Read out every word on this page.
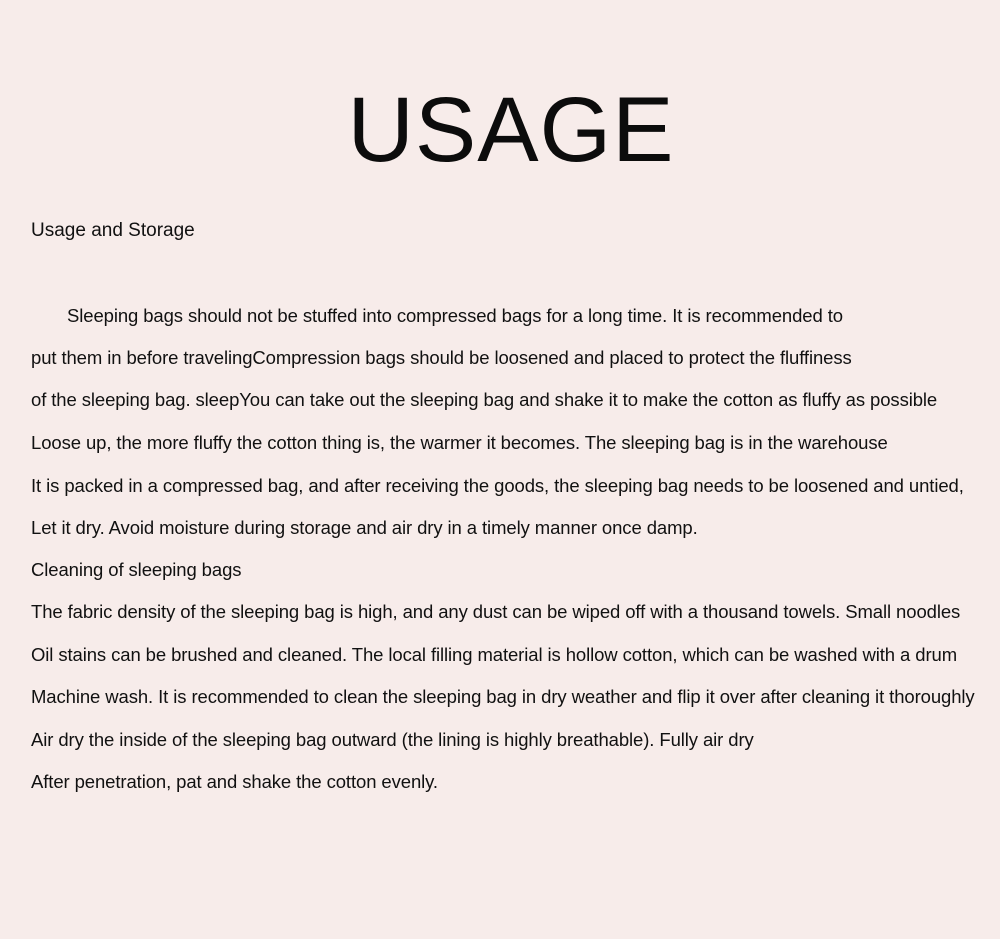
USAGE
Usage and Storage
Sleeping bags should not be stuffed into compressed bags for a long time. It is recommended to
put them in before travelingCompression bags should be loosened and placed to protect the fluffiness
of the sleeping bag. sleepYou can take out the sleeping bag and shake it to make the cotton as fluffy as possible
Loose up, the more fluffy the cotton thing is, the warmer it becomes. The sleeping bag is in the warehouse
It is packed in a compressed bag, and after receiving the goods, the sleeping bag needs to be loosened and untied,
Let it dry. Avoid moisture during storage and air dry in a timely manner once damp.
Cleaning of sleeping bags
The fabric density of the sleeping bag is high, and any dust can be wiped off with a thousand towels. Small noodles
Oil stains can be brushed and cleaned. The local filling material is hollow cotton, which can be washed with a drum
Machine wash. It is recommended to clean the sleeping bag in dry weather and flip it over after cleaning it thoroughly
Air dry the inside of the sleeping bag outward (the lining is highly breathable). Fully air dry
After penetration, pat and shake the cotton evenly.
